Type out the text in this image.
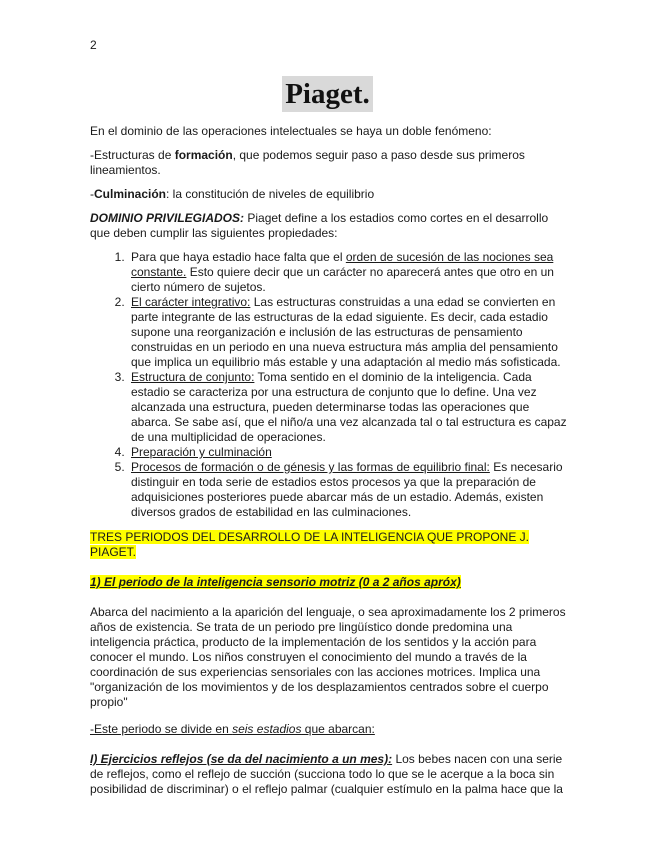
2
Piaget.

En el dominio de las operaciones intelectuales se haya un doble fenómeno:

-Estructuras de formación, que podemos seguir paso a paso desde sus primeros lineamientos.

-Culminación: la constitución de niveles de equilibrio

DOMINIO PRIVILEGIADOS: Piaget define a los estadios como cortes en el desarrollo que deben cumplir las siguientes propiedades:

1. Para que haya estadio hace falta que el orden de sucesión de las nociones sea constante. Esto quiere decir que un carácter no aparecerá antes que otro en un cierto número de sujetos.
2. El carácter integrativo: Las estructuras construidas a una edad se convierten en parte integrante de las estructuras de la edad siguiente. Es decir, cada estadio supone una reorganización e inclusión de las estructuras de pensamiento construidas en un periodo en una nueva estructura más amplia del pensamiento que implica un equilibrio más estable y una adaptación al medio más sofisticada.
3. Estructura de conjunto: Toma sentido en el dominio de la inteligencia. Cada estadio se caracteriza por una estructura de conjunto que lo define. Una vez alcanzada una estructura, pueden determinarse todas las operaciones que abarca. Se sabe así, que el niño/a una vez alcanzada tal o tal estructura es capaz de una multiplicidad de operaciones.
4. Preparación y culminación
5. Procesos de formación o de génesis y las formas de equilibrio final: Es necesario distinguir en toda serie de estadios estos procesos ya que la preparación de adquisiciones posteriores puede abarcar más de un estadio. Además, existen diversos grados de estabilidad en las culminaciones.

TRES PERIODOS DEL DESARROLLO DE LA INTELIGENCIA QUE PROPONE J. PIAGET.

1) El periodo de la inteligencia sensorio motriz (0 a 2 años apróx)

Abarca del nacimiento a la aparición del lenguaje, o sea aproximadamente los 2 primeros años de existencia. Se trata de un periodo pre lingüístico donde predomina una inteligencia práctica, producto de la implementación de los sentidos y la acción para conocer el mundo. Los niños construyen el conocimiento del mundo a través de la coordinación de sus experiencias sensoriales con las acciones motrices. Implica una "organización de los movimientos y de los desplazamientos centrados sobre el cuerpo propio"

-Este periodo se divide en seis estadios que abarcan:

I) Ejercicios reflejos (se da del nacimiento a un mes): Los bebes nacen con una serie de reflejos, como el reflejo de succión (succiona todo lo que se le acerque a la boca sin posibilidad de discriminar) o el reflejo palmar (cualquier estímulo en la palma hace que la
